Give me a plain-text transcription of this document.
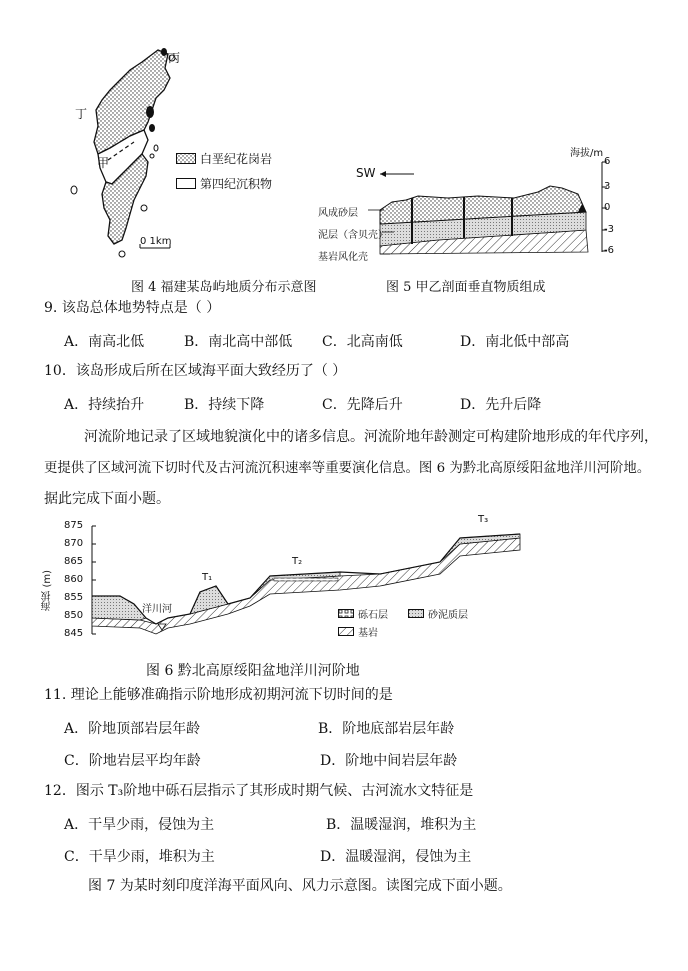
丙
丁
甲
0 1km
白垩纪花岗岩
第四纪沉积物
SW
海拔/m
6
3
0
-3
-6
风成砂层
泥层（含贝壳）
基岩风化壳
图 4 福建某岛屿地质分布示意图	图 5 甲乙剖面垂直物质组成
9. 该岛总体地势特点是（ ）
A．南高北低	B．南北高中部低 C．北高南低	D．南北低中部高
10．该岛形成后所在区域海平面大致经历了（ ）
A．持续抬升	B．持续下降	C．先降后升	D．先升后降
河流阶地记录了区域地貌演化中的诸多信息。河流阶地年龄测定可构建阶地形成的年代序列，
更提供了区域河流下切时代及古河流沉积速率等重要演化信息。图 6 为黔北高原绥阳盆地洋川河阶地。
据此完成下面小题。
海拔 (m)
875
870
865
860
855
850
845
洋川河
T₁
T₂
T₃
砾石层	砂泥质层
基岩
图 6 黔北高原绥阳盆地洋川河阶地
11. 理论上能够准确指示阶地形成初期河流下切时间的是
A．阶地顶部岩层年龄	B．阶地底部岩层年龄
C．阶地岩层平均年龄	D．阶地中间岩层年龄
12．图示 T₃阶地中砾石层指示了其形成时期气候、古河流水文特征是
A．干旱少雨，侵蚀为主	B．温暖湿润，堆积为主
C．干旱少雨，堆积为主	D．温暖湿润，侵蚀为主
图 7 为某时刻印度洋海平面风向、风力示意图。读图完成下面小题。
